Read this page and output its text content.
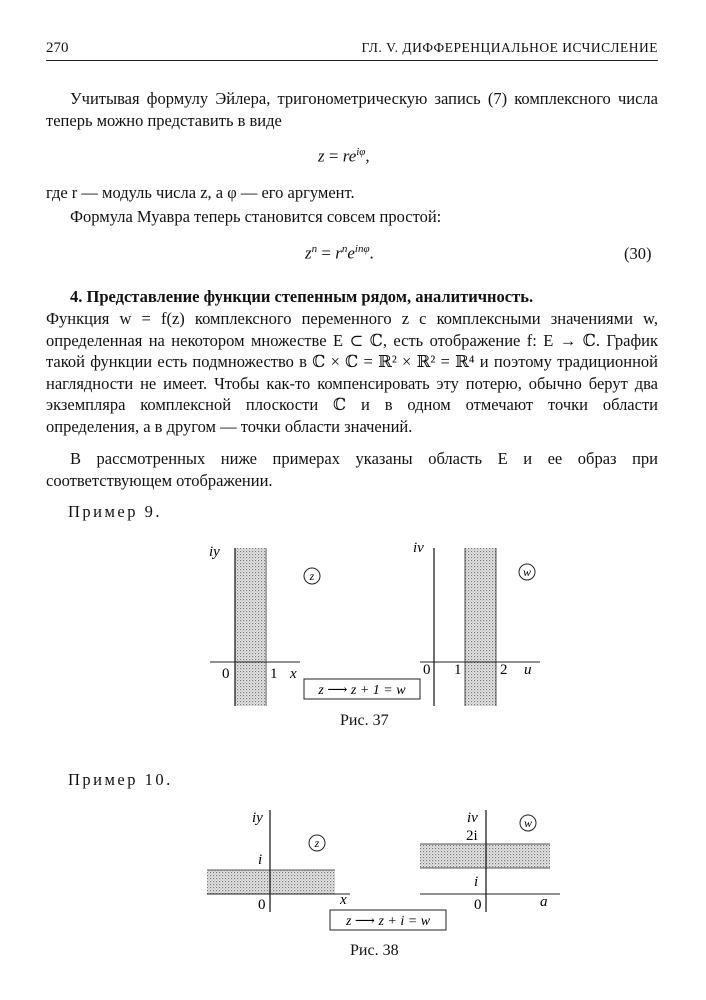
270	ГЛ. V. ДИФФЕРЕНЦИАЛЬНОЕ ИСЧИСЛЕНИЕ
Учитывая формулу Эйлера, тригонометрическую запись (7) комплексного числа теперь можно представить в виде
$z = re^{i\varphi}$,
где r — модуль числа z, а φ — его аргумент.
Формула Муавра теперь становится совсем простой:
$z^n = r^ne^{in\varphi}$.	(30)
4. Представление функции степенным рядом, аналитичность.
Функция w = f(z) комплексного переменного z с комплексными значениями w, определенная на некотором множестве E ⊂ ℂ, есть отображение f: E → ℂ. График такой функции есть подмножество в ℂ × ℂ = ℝ² × ℝ² = ℝ⁴ и поэтому традиционной наглядности не имеет. Чтобы как-то компенсировать эту потерю, обычно берут два экземпляра комплексной плоскости ℂ и в одном отмечают точки области определения, а в другом — точки области значений.
В рассмотренных ниже примерах указаны область E и ее образ при соответствующем отображении.
Пример 9.
iy
0	1 x
z
z ⟶ z + 1 = w
iv
0 1	2 u
w
Рис. 37
Пример 10.
iy
i
0	x
z
z ⟶ z + i = w
iv
2i
i
0	a
w
Рис. 38
